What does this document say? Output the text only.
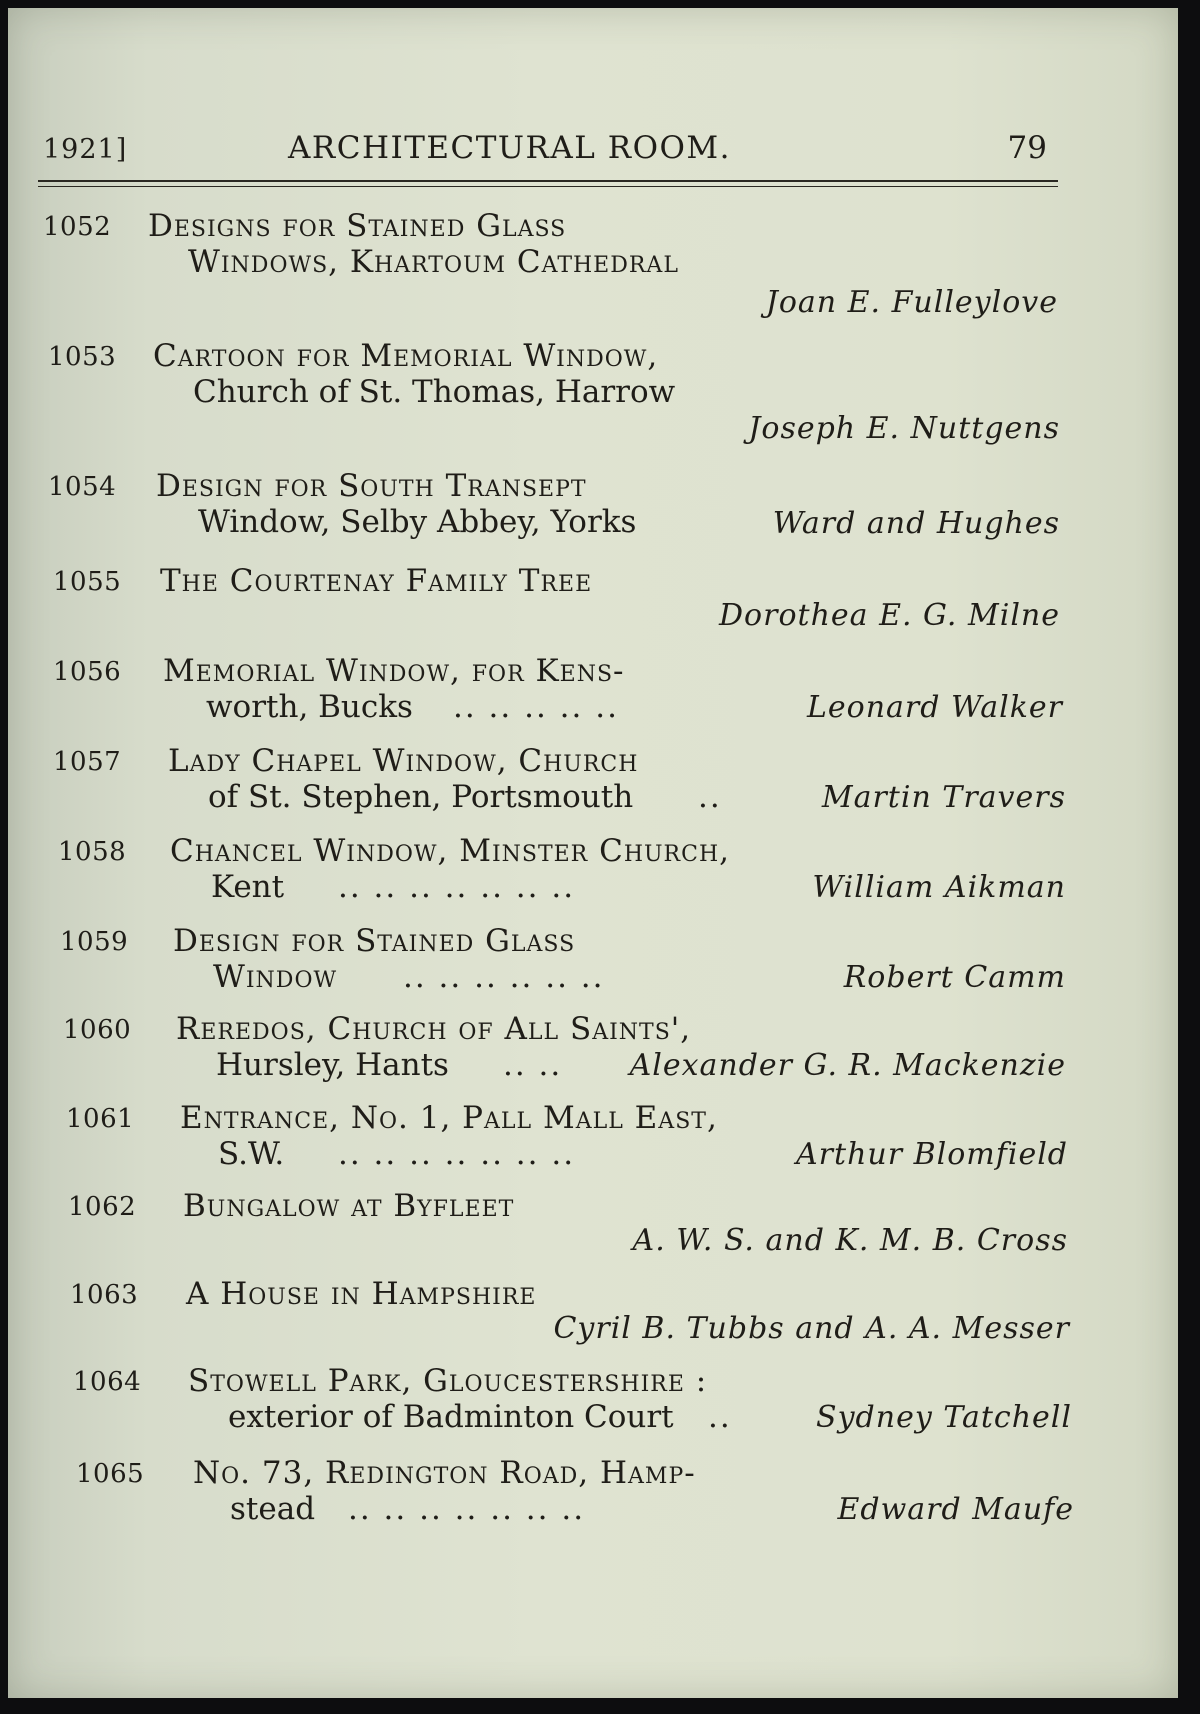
1921]	ARCHITECTURAL ROOM.	79
1052 Designs for Stained Glass
Windows, Khartoum Cathedral
Joan E. Fulleylove
1053 Cartoon for Memorial Window,
Church of St. Thomas, Harrow
Joseph E. Nuttgens
1054 Design for South Transept
Window, Selby Abbey, Yorks	Ward and Hughes
1055 The Courtenay Family Tree
Dorothea E. G. Milne
1056 Memorial Window, for Kens-
worth, Bucks .. .. .. .. ..	Leonard Walker
1057 Lady Chapel Window, Church
of St. Stephen, Portsmouth ..	Martin Travers
1058 Chancel Window, Minster Church,
Kent .. .. .. .. .. .. ..	William Aikman
1059 Design for Stained Glass
Window .. .. .. .. .. ..	Robert Camm
1060 Reredos, Church of All Saints',
Hursley, Hants .. .. Alexander G. R. Mackenzie
1061 Entrance, No. 1, Pall Mall East,
S.W. .. .. .. .. .. .. ..	Arthur Blomfield
1062 Bungalow at Byfleet
A. W. S. and K. M. B. Cross
1063 A House in Hampshire
Cyril B. Tubbs and A. A. Messer
1064 Stowell Park, Gloucestershire :
exterior of Badminton Court ..	Sydney Tatchell
1065 No. 73, Redington Road, Hamp-
stead .. .. .. .. .. .. ..	Edward Maufe
